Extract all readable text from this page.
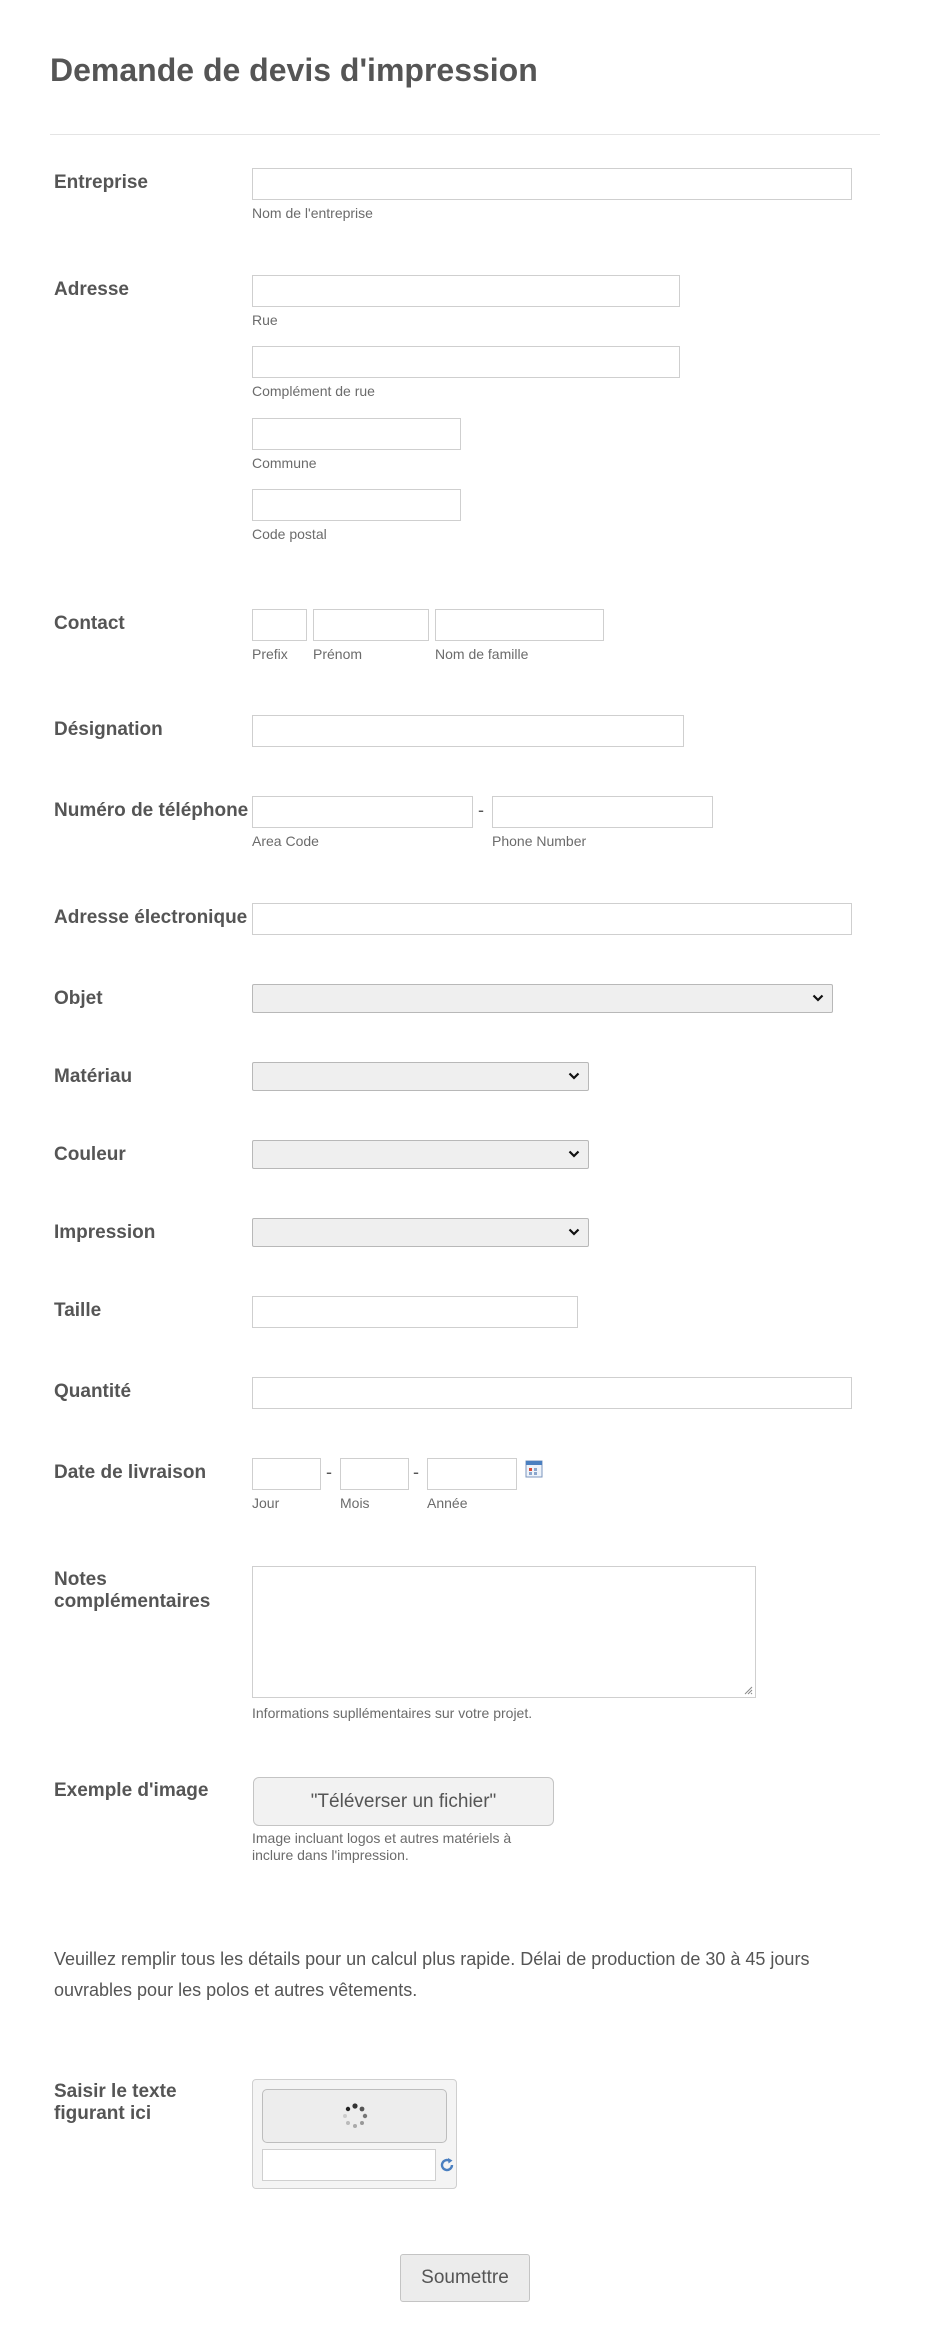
Demande de devis d'impression
Entreprise
Nom de l'entreprise
Adresse
Rue
Complément de rue
Commune
Code postal
Contact
Prefix Prénom	Nom de famille
Désignation
Numéro de téléphone
Area Code
-
Phone Number
Adresse électronique
Objet
Matériau
Couleur
Impression
Taille
Quantité
Date de livraison
Jour
-
Mois
-
Année
Notes
complémentaires
Informations supllémentaires sur votre projet.
Exemple d'image
"Téléverser un fichier"
Image incluant logos et autres matériels à
inclure dans l'impression.
Veuillez remplir tous les détails pour un calcul plus rapide. Délai de production de 30 à 45 jours
ouvrables pour les polos et autres vêtements.
Saisir le texte
figurant ici
Soumettre
